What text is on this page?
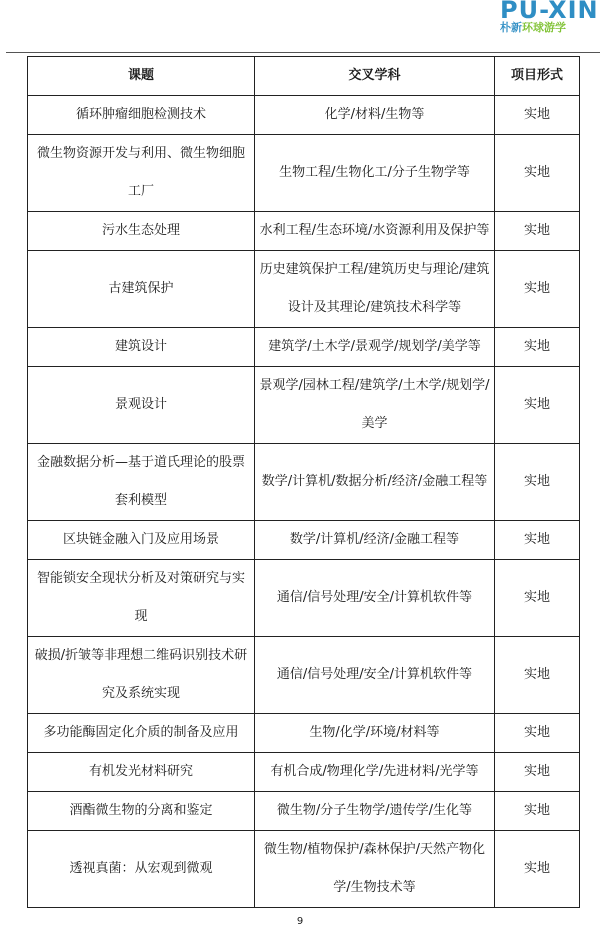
PU-XIN
朴新环球游学
课题	交叉学科	项目形式
循环肿瘤细胞检测技术	化学/材料/生物等	实地
微生物资源开发与利用、微生物细胞工厂	生物工程/生物化工/分子生物学等	实地
污水生态处理	水利工程/生态环境/水资源利用及保护等	实地
古建筑保护	历史建筑保护工程/建筑历史与理论/建筑设计及其理论/建筑技术科学等	实地
建筑设计	建筑学/土木学/景观学/规划学/美学等	实地
景观设计	景观学/园林工程/建筑学/土木学/规划学/美学	实地
金融数据分析—基于道氏理论的股票套利模型	数学/计算机/数据分析/经济/金融工程等	实地
区块链金融入门及应用场景	数学/计算机/经济/金融工程等	实地
智能锁安全现状分析及对策研究与实现	通信/信号处理/安全/计算机软件等	实地
破损/折皱等非理想二维码识别技术研究及系统实现	通信/信号处理/安全/计算机软件等	实地
多功能酶固定化介质的制备及应用	生物/化学/环境/材料等	实地
有机发光材料研究	有机合成/物理化学/先进材料/光学等	实地
酒酯微生物的分离和鉴定	微生物/分子生物学/遗传学/生化等	实地
透视真菌：从宏观到微观	微生物/植物保护/森林保护/天然产物化学/生物技术等	实地
9
